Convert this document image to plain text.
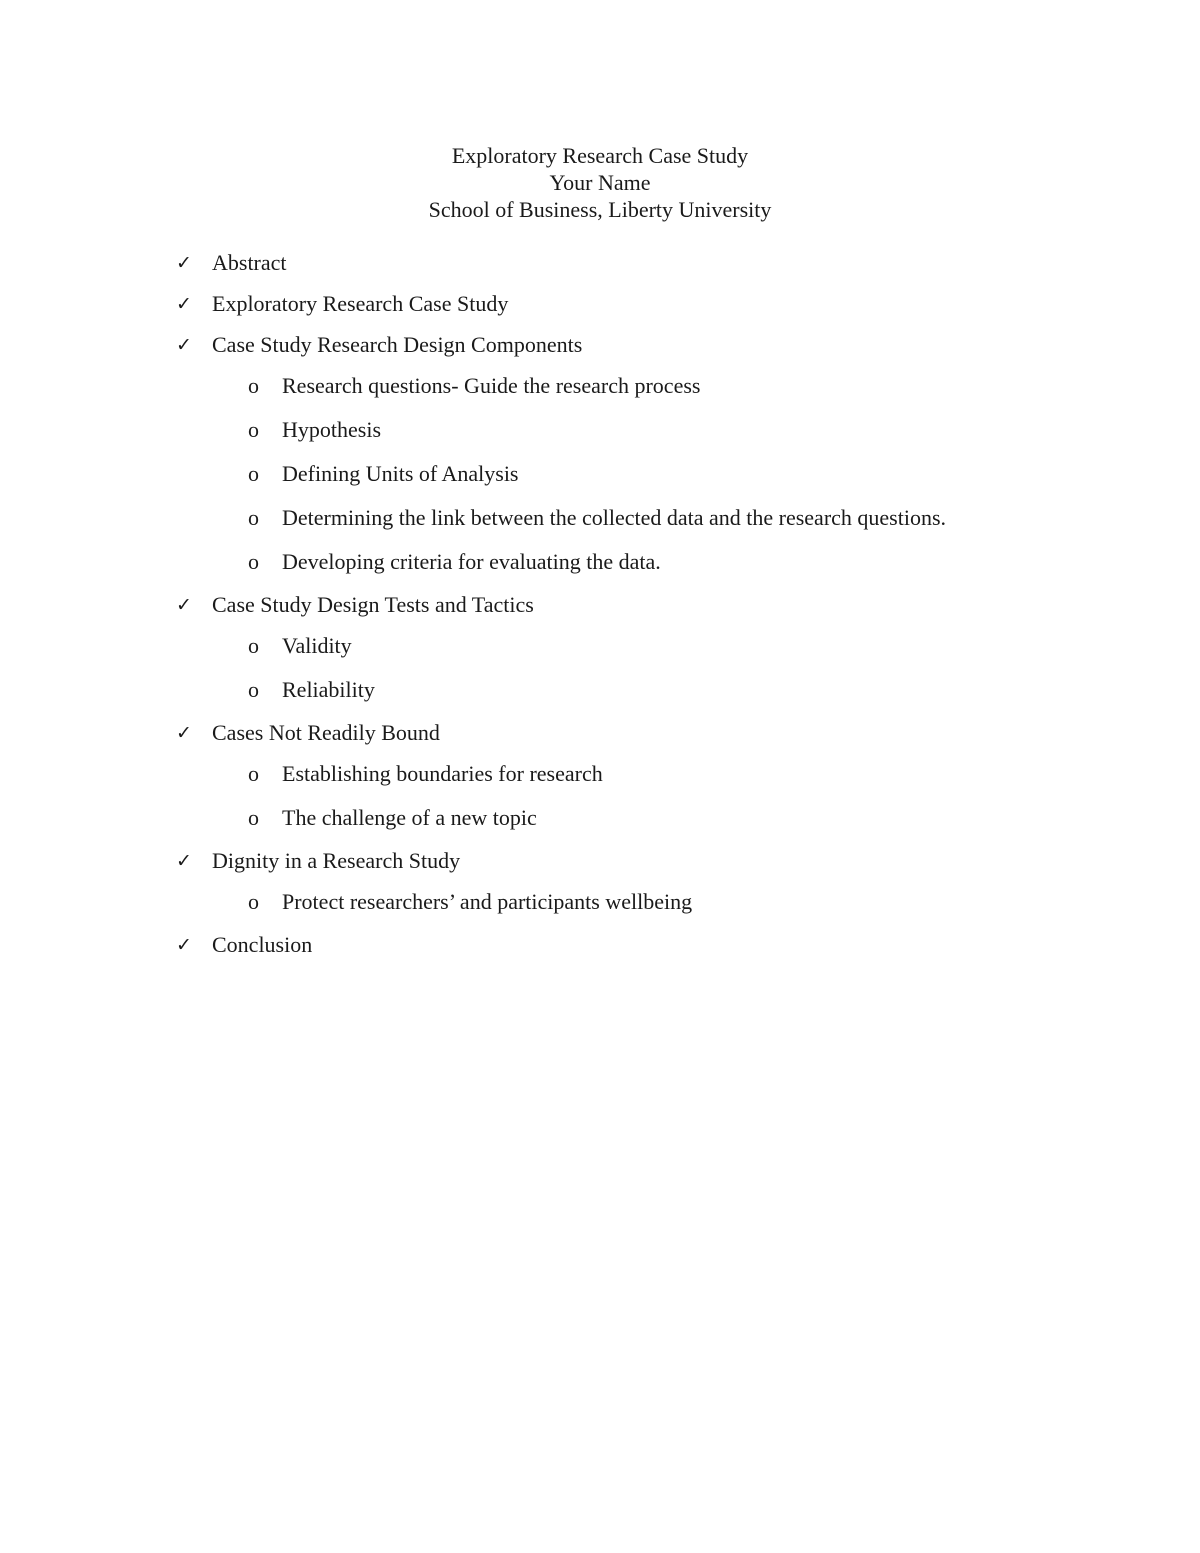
Exploratory Research Case Study
Your Name
School of Business, Liberty University
✓ Abstract
✓ Exploratory Research Case Study
✓ Case Study Research Design Components
o Research questions- Guide the research process
o Hypothesis
o Defining Units of Analysis
o Determining the link between the collected data and the research questions.
o Developing criteria for evaluating the data.
✓ Case Study Design Tests and Tactics
o Validity
o Reliability
✓ Cases Not Readily Bound
o Establishing boundaries for research
o The challenge of a new topic
✓ Dignity in a Research Study
o Protect researchers’ and participants wellbeing
✓ Conclusion
